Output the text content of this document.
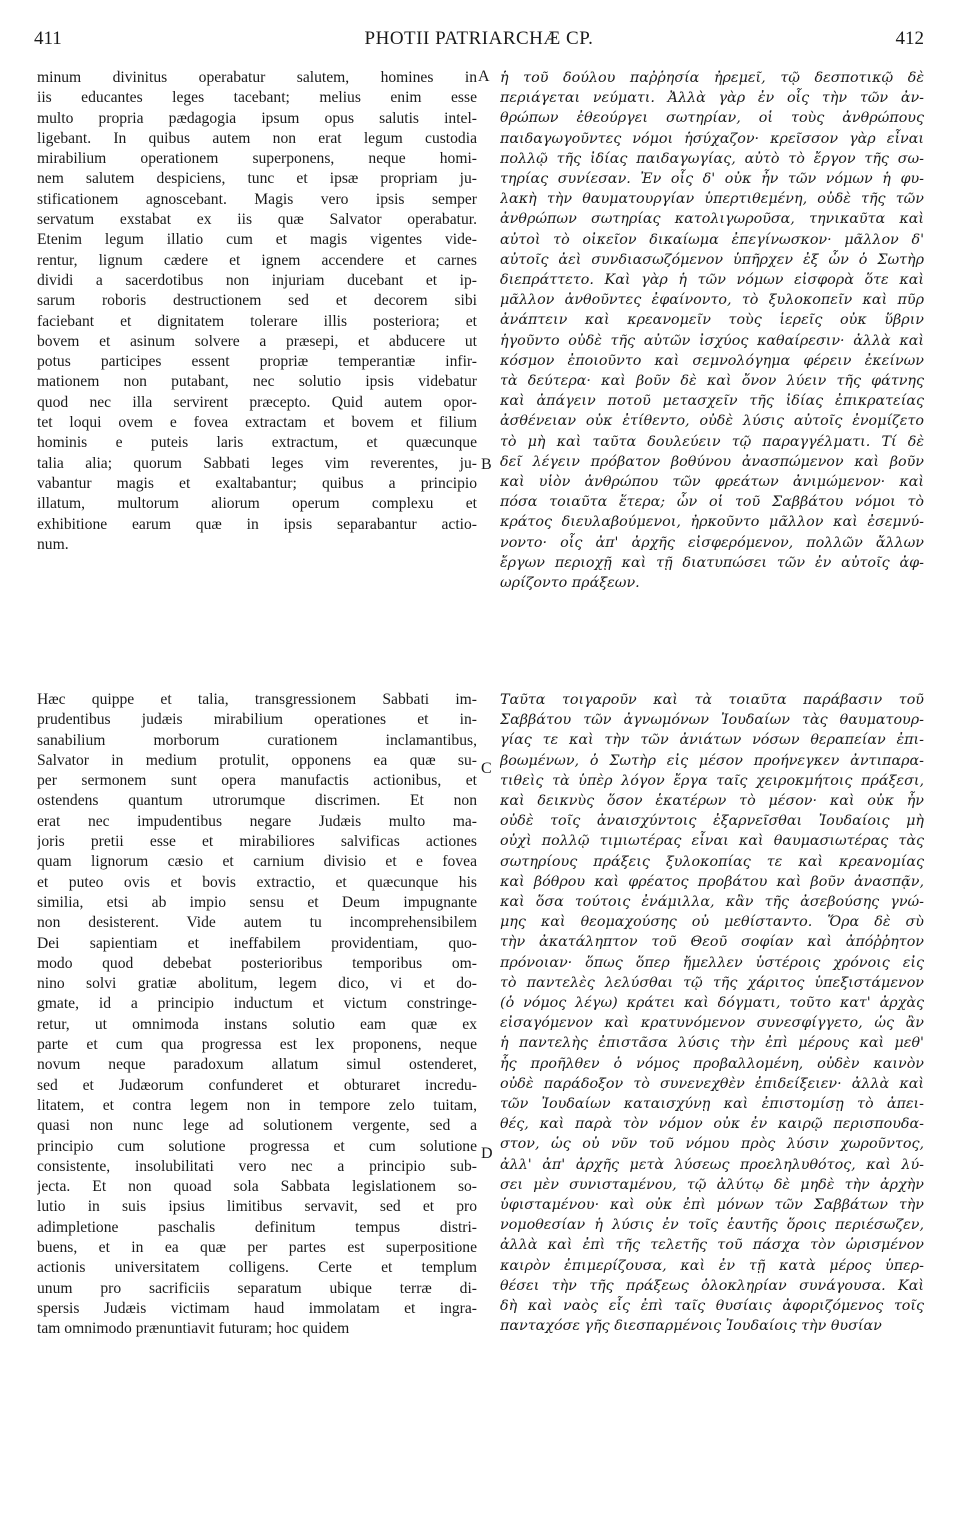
411	PHOTII PATRIARCHÆ CP.	412
minum divinitus operabatur salutem, homines in
iis educantes leges tacebant; melius enim esse
multo propria pædagogia ipsum opus salutis intel-
ligebant. In quibus autem non erat legum custodia
mirabilium operationem superponens, neque homi-
nem salutem despiciens, tunc et ipsæ propriam ju-
stificationem agnoscebant. Magis vero ipsis semper
servatum exstabat ex iis quæ Salvator operabatur.
Etenim legum illatio cum et magis vigentes vide-
rentur, lignum cædere et ignem accendere et carnes
dividi a sacerdotibus non injuriam ducebant et ip-
sarum roboris destructionem sed et decorem sibi
faciebant et dignitatem tolerare illis posteriora; et
bovem et asinum solvere a præsepi, et abducere ut
potus participes essent propriæ temperantiæ infir-
mationem non putabant, nec solutio ipsis videbatur
quod nec illa servirent præcepto. Quid autem opor-
tet loqui ovem e fovea extractam et bovem et filium
hominis e puteis laris extractum, et quæcunque
talia alia; quorum Sabbati leges vim reverentes, ju-
vabantur magis et exaltabantur; quibus a principio
illatum, multorum aliorum operum complexu et
exhibitione earum quæ in ipsis separabantur actio-
num.
ἡ τοῦ δούλου παῤῥησία ἠρεμεῖ, τῷ δεσποτικῷ δὲ
περιάγεται νεύματι. Ἀλλὰ γὰρ ἐν οἷς τὴν τῶν ἀν-
θρώπων ἐθεούργει σωτηρίαν, οἱ τοὺς ἀνθρώπους
παιδαγωγοῦντες νόμοι ἡσύχαζον· κρεῖσσον γὰρ εἶναι
πολλῷ τῆς ἰδίας παιδαγωγίας, αὐτὸ τὸ ἔργον τῆς σω-
τηρίας συνίεσαν. Ἐν οἷς δ' οὐκ ἦν τῶν νόμων ἡ φυ-
λακὴ τὴν θαυματουργίαν ὑπερτιθεμένη, οὐδὲ τῆς τῶν
ἀνθρώπων σωτηρίας κατολιγωροῦσα, τηνικαῦτα καὶ
αὐτοὶ τὸ οἰκεῖον δικαίωμα ἐπεγίνωσκον· μᾶλλον δ'
αὐτοῖς ἀεὶ συνδιασωζόμενον ὑπῆρχεν ἐξ ὧν ὁ Σωτὴρ
διεπράττετο. Καὶ γὰρ ἡ τῶν νόμων εἰσφορὰ ὅτε καὶ
μᾶλλον ἀνθοῦντες ἐφαίνοντο, τὸ ξυλοκοπεῖν καὶ πῦρ
ἀνάπτειν καὶ κρεανομεῖν τοὺς ἱερεῖς οὐκ ὕβριν
ἡγοῦντο οὐδὲ τῆς αὐτῶν ἰσχύος καθαίρεσιν· ἀλλὰ καὶ
κόσμον ἐποιοῦντο καὶ σεμνολόγημα φέρειν ἐκείνων
τὰ δεύτερα· καὶ βοῦν δὲ καὶ ὄνον λύειν τῆς φάτνης
καὶ ἀπάγειν ποτοῦ μετασχεῖν τῆς ἰδίας ἐπικρατείας
ἀσθένειαν οὐκ ἐτίθεντο, οὐδὲ λύσις αὐτοῖς ἐνομίζετο
τὸ μὴ καὶ ταῦτα δουλεύειν τῷ παραγγέλματι. Τί δὲ
δεῖ λέγειν πρόβατον βοθύνου ἀνασπώμενον καὶ βοῦν
καὶ υἱὸν ἀνθρώπου τῶν φρεάτων ἀνιμώμενον· καὶ
πόσα τοιαῦτα ἕτερα; ὧν οἱ τοῦ Σαββάτου νόμοι τὸ
κράτος διευλαβούμενοι, ἠρκοῦντο μᾶλλον καὶ ἐσεμνύ-
νοντο· οἷς ἀπ' ἀρχῆς εἰσφερόμενον, πολλῶν ἄλλων
ἔργων περιοχῇ καὶ τῇ διατυπώσει τῶν ἐν αὐτοῖς ἀφ-
ωρίζοντο πράξεων.
Hæc quippe et talia, transgressionem Sabbati im-
prudentibus judæis mirabilium operationes et in-
sanabilium morborum curationem inclamantibus,
Salvator in medium protulit, opponens ea quæ su-
per sermonem sunt opera manufactis actionibus, et
ostendens quantum utrorumque discrimen. Et non
erat nec impudentibus negare Judæis multo ma-
joris pretii esse et mirabiliores salvificas actiones
quam lignorum cæsio et carnium divisio et e fovea
et puteo ovis et bovis extractio, et quæcunque his
similia, etsi ab impio sensu et Deum impugnante
non desisterent. Vide autem tu incomprehensibilem
Dei sapientiam et ineffabilem providentiam, quo-
modo quod debebat posterioribus temporibus om-
nino solvi gratiæ abolitum, legem dico, vi et do-
gmate, id a principio inductum et victum constringe-
retur, ut omnimoda instans solutio eam quæ ex
parte et cum qua progressa est lex proponens, neque
novum neque paradoxum allatum simul ostenderet,
sed et Judæorum confunderet et obturaret incredu-
litatem, et contra legem non in tempore zelo tuitam,
quasi non nunc lege ad solutionem vergente, sed a
principio cum solutione progressa et cum solutione
consistente, insolubilitati vero nec a principio sub-
jecta. Et non quoad sola Sabbata legislationem so-
lutio in suis ipsius limitibus servavit, sed et pro
adimpletione paschalis definitum tempus distri-
buens, et in ea quæ per partes est superpositione
actionis universitatem colligens. Certe et templum
unum pro sacrificiis separatum ubique terræ di-
spersis Judæis victimam haud immolatam et ingra-
tam omnimodo prænuntiavit futuram; hoc quidem
Ταῦτα τοιγαροῦν καὶ τὰ τοιαῦτα παράβασιν τοῦ
Σαββάτου τῶν ἀγνωμόνων Ἰουδαίων τὰς θαυματουρ-
γίας τε καὶ τὴν τῶν ἀνιάτων νόσων θεραπείαν ἐπι-
βοωμένων, ὁ Σωτὴρ εἰς μέσον προήνεγκεν ἀντιπαρα-
τιθεὶς τὰ ὑπὲρ λόγον ἔργα ταῖς χειροκμήτοις πράξεσι,
καὶ δεικνὺς ὅσον ἑκατέρων τὸ μέσον· καὶ οὐκ ἦν
οὐδὲ τοῖς ἀναισχύντοις ἐξαρνεῖσθαι Ἰουδαίοις μὴ
οὐχὶ πολλῷ τιμιωτέρας εἶναι καὶ θαυμασιωτέρας τὰς
σωτηρίους πράξεις ξυλοκοπίας τε καὶ κρεανομίας
καὶ βόθρου καὶ φρέατος προβάτου καὶ βοῦν ἀνασπᾷν,
καὶ ὅσα τούτοις ἐνάμιλλα, κἂν τῆς ἀσεβούσης γνώ-
μης καὶ θεομαχούσης οὐ μεθίσταντο. Ὅρα δὲ σὺ
τὴν ἀκατάληπτον τοῦ Θεοῦ σοφίαν καὶ ἀπόῤῥητον
πρόνοιαν· ὅπως ὅπερ ἤμελλεν ὑστέροις χρόνοις εἰς
τὸ παντελὲς λελύσθαι τῷ τῆς χάριτος ὑπεξιστάμενον
(ὁ νόμος λέγω) κράτει καὶ δόγματι, τοῦτο κατ' ἀρχὰς
εἰσαγόμενον καὶ κρατυνόμενον συνεσφίγγετο, ὡς ἂν
ἡ παντελὴς ἐπιστᾶσα λύσις τὴν ἐπὶ μέρους καὶ μεθ'
ἧς προῆλθεν ὁ νόμος προβαλλομένη, οὐδὲν καινὸν
οὐδὲ παράδοξον τὸ συνενεχθὲν ἐπιδείξειεν· ἀλλὰ καὶ
τῶν Ἰουδαίων καταισχύνῃ καὶ ἐπιστομίσῃ τὸ ἀπει-
θές, καὶ παρὰ τὸν νόμον οὐκ ἐν καιρῷ περισπουδα-
στον, ὡς οὐ νῦν τοῦ νόμου πρὸς λύσιν χωροῦντος,
ἀλλ' ἀπ' ἀρχῆς μετὰ λύσεως προεληλυθότος, καὶ λύ-
σει μὲν συνισταμένου, τῷ ἀλύτῳ δὲ μηδὲ τὴν ἀρχὴν
ὑφισταμένου· καὶ οὐκ ἐπὶ μόνων τῶν Σαββάτων τὴν
νομοθεσίαν ἡ λύσις ἐν τοῖς ἑαυτῆς ὅροις περιέσωζεν,
ἀλλὰ καὶ ἐπὶ τῆς τελετῆς τοῦ πάσχα τὸν ὡρισμένον
καιρὸν ἐπιμερίζουσα, καὶ ἐν τῇ κατὰ μέρος ὑπερ-
θέσει τὴν τῆς πράξεως ὁλοκληρίαν συνάγουσα. Καὶ
δὴ καὶ ναὸς εἷς ἐπὶ ταῖς θυσίαις ἀφοριζόμενος τοῖς
πανταχόσε γῆς διεσπαρμένοις Ἰουδαίοις τὴν θυσίαν
A
B
C
D
